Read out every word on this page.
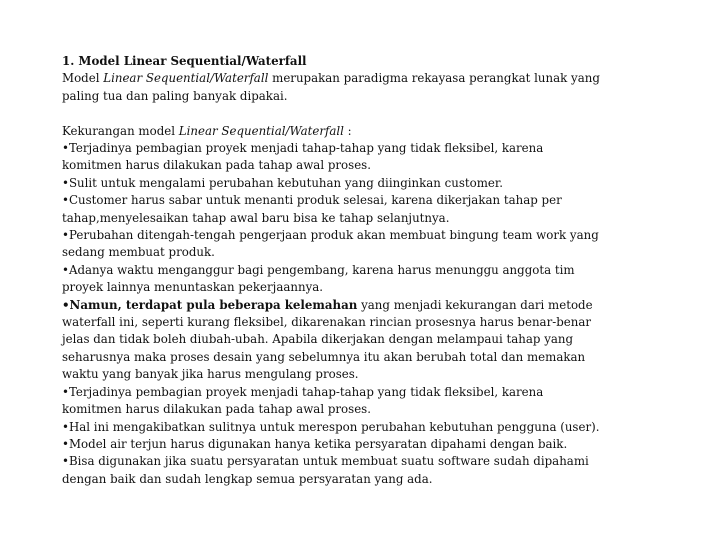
1. Model Linear Sequential/Waterfall
Model Linear Sequential/Waterfall merupakan paradigma rekayasa perangkat lunak yang
paling tua dan paling banyak dipakai.
Kekurangan model Linear Sequential/Waterfall :
•Terjadinya pembagian proyek menjadi tahap-tahap yang tidak fleksibel, karena
komitmen harus dilakukan pada tahap awal proses.
•Sulit untuk mengalami perubahan kebutuhan yang diinginkan customer.
•Customer harus sabar untuk menanti produk selesai, karena dikerjakan tahap per
tahap,menyelesaikan tahap awal baru bisa ke tahap selanjutnya.
•Perubahan ditengah-tengah pengerjaan produk akan membuat bingung team work yang
sedang membuat produk.
•Adanya waktu menganggur bagi pengembang, karena harus menunggu anggota tim
proyek lainnya menuntaskan pekerjaannya.
•Namun, terdapat pula beberapa kelemahan yang menjadi kekurangan dari metode
waterfall ini, seperti kurang fleksibel, dikarenakan rincian prosesnya harus benar-benar
jelas dan tidak boleh diubah-ubah. Apabila dikerjakan dengan melampaui tahap yang
seharusnya maka proses desain yang sebelumnya itu akan berubah total dan memakan
waktu yang banyak jika harus mengulang proses.
•Terjadinya pembagian proyek menjadi tahap-tahap yang tidak fleksibel, karena
komitmen harus dilakukan pada tahap awal proses.
•Hal ini mengakibatkan sulitnya untuk merespon perubahan kebutuhan pengguna (user).
•Model air terjun harus digunakan hanya ketika persyaratan dipahami dengan baik.
•Bisa digunakan jika suatu persyaratan untuk membuat suatu software sudah dipahami
dengan baik dan sudah lengkap semua persyaratan yang ada.
